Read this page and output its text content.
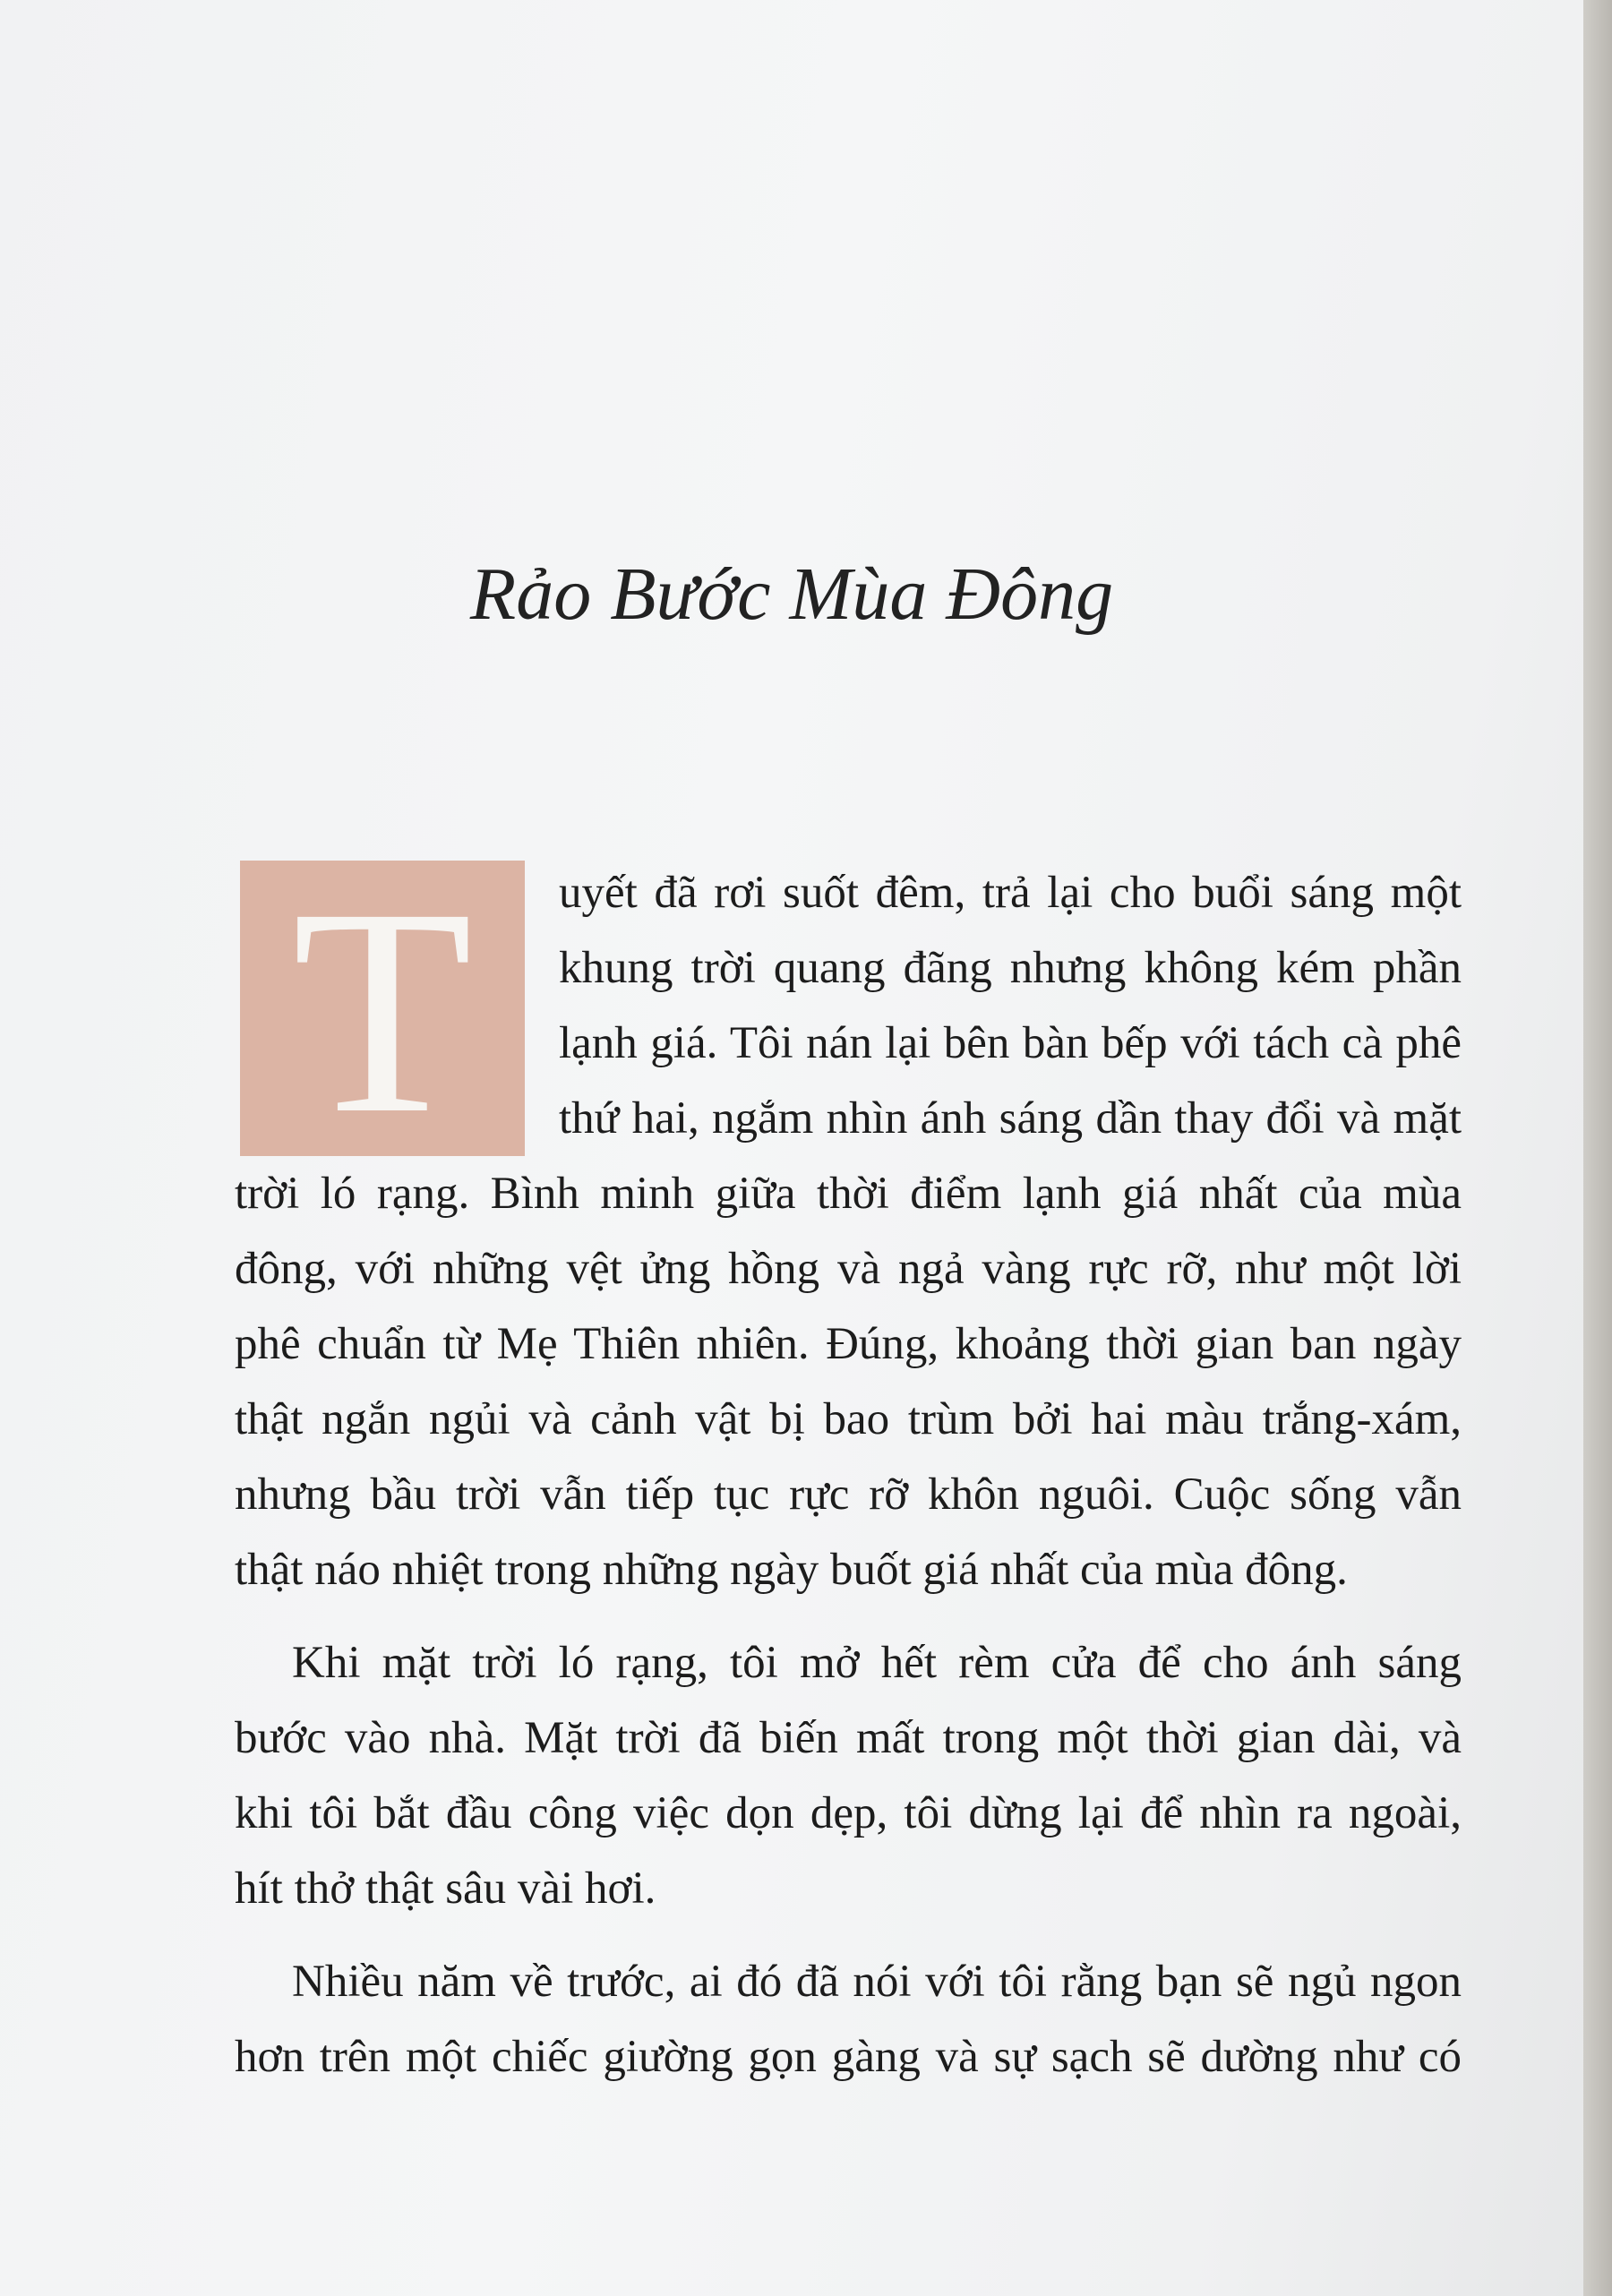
Rảo Bước Mùa Đông
T	uyết đã rơi suốt đêm, trả lại cho buổi sáng một
khung trời quang đãng nhưng không kém phần
lạnh giá. Tôi nán lại bên bàn bếp với tách cà phê
thứ hai, ngắm nhìn ánh sáng dần thay đổi và mặt
trời ló rạng. Bình minh giữa thời điểm lạnh giá nhất của mùa
đông, với những vệt ửng hồng và ngả vàng rực rỡ, như một lời
phê chuẩn từ Mẹ Thiên nhiên. Đúng, khoảng thời gian ban ngày
thật ngắn ngủi và cảnh vật bị bao trùm bởi hai màu trắng-xám,
nhưng bầu trời vẫn tiếp tục rực rỡ khôn nguôi. Cuộc sống vẫn
thật náo nhiệt trong những ngày buốt giá nhất của mùa đông.
Khi mặt trời ló rạng, tôi mở hết rèm cửa để cho ánh sáng
bước vào nhà. Mặt trời đã biến mất trong một thời gian dài, và
khi tôi bắt đầu công việc dọn dẹp, tôi dừng lại để nhìn ra ngoài,
hít thở thật sâu vài hơi.
Nhiều năm về trước, ai đó đã nói với tôi rằng bạn sẽ ngủ ngon
hơn trên một chiếc giường gọn gàng và sự sạch sẽ dường như có
